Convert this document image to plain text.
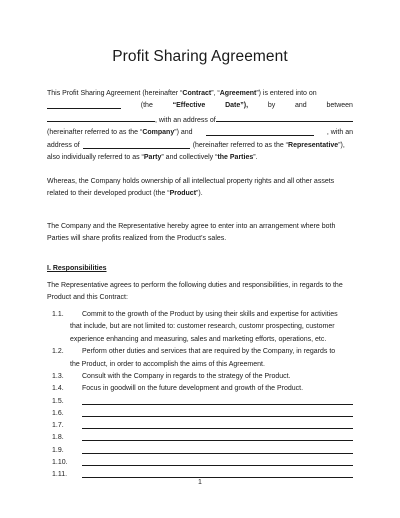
Profit Sharing Agreement
This Profit Sharing Agreement (hereinafter “Contract”, “Agreement”) is entered into on
(the	“Effective	Date”),	by	and	between
, with an address of
(hereinafter referred to as the “Company”) and	, with an
address of	(hereinafter referred to as the “Representative”),
also individually referred to as “Party” and collectively “the Parties”.
Whereas, the Company holds ownership of all intellectual property rights and all other assets
related to their developed product (the “Product”).
The Company and the Representative hereby agree to enter into an arrangement where both
Parties will share profits realized from the Product’s sales.
I. Responsibilities
The Representative agrees to perform the following duties and responsibilities, in regards to the
Product and this Contract:
1.1.	Commit to the growth of the Product by using their skills and expertise for activities
that include, but are not limited to: customer research, customr prospecting, customer
experience enhancing and measuring, sales and marketing efforts, operations, etc.
1.2.	Perform other duties and services that are required by the Company, in regards to
the Product, in order to accomplish the aims of this Agreement.
1.3.	Consult with the Company in regards to the strategy of the Product.
1.4.	Focus in goodwill on the future development and growth of the Product.
1.5.
1.6.
1.7.
1.8.
1.9.
1.10.
1.11.
1
